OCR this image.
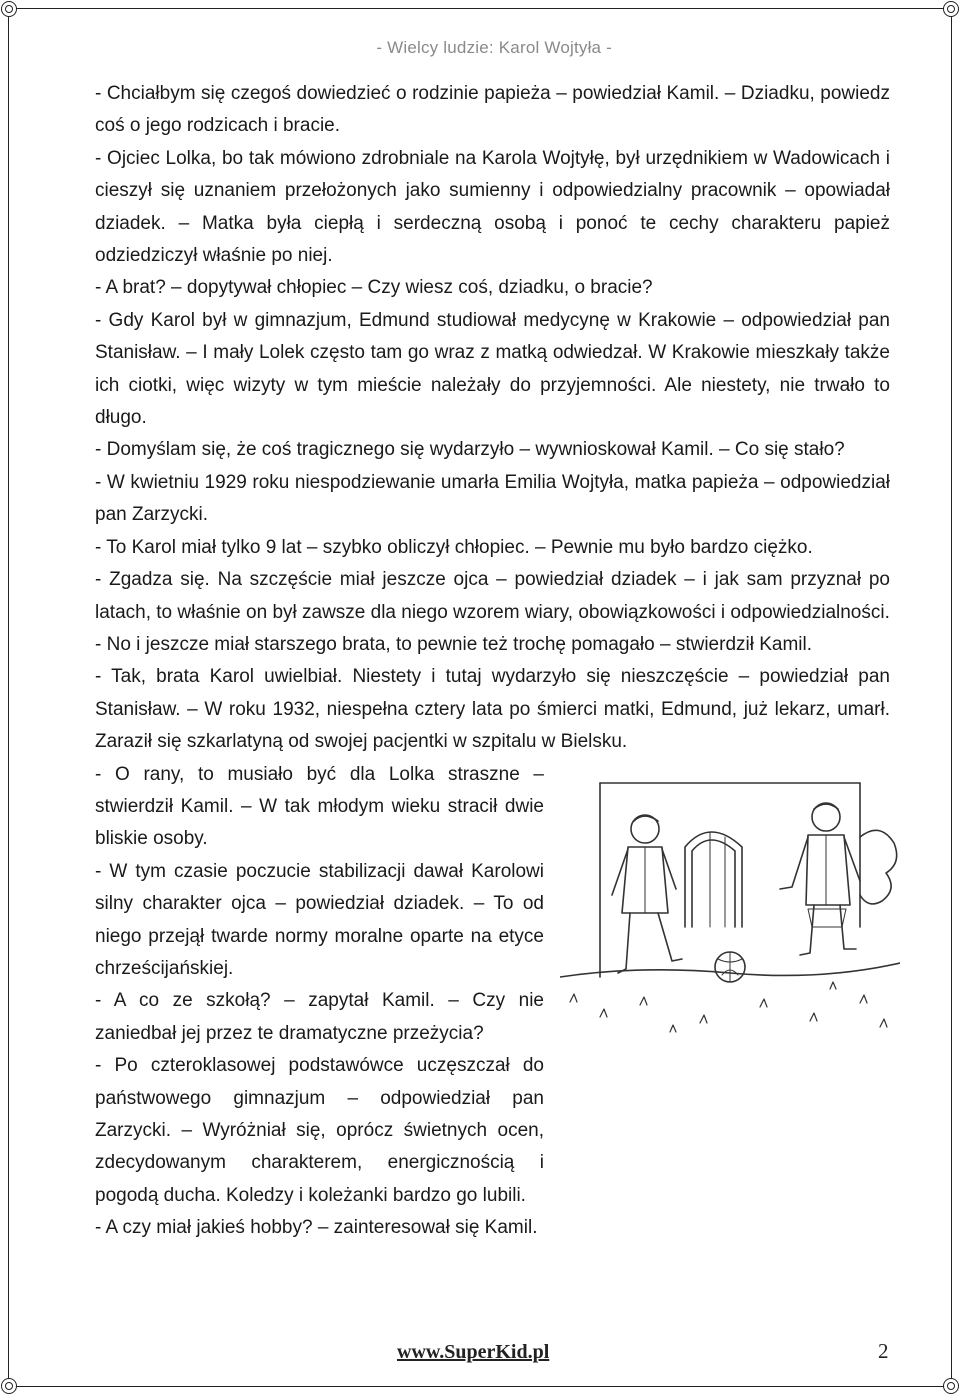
- Wielcy ludzie: Karol Wojtyła -

- Chciałbym się czegoś dowiedzieć o rodzinie papieża – powiedział Kamil. – Dziadku, powiedz coś o jego rodzicach i bracie.

- Ojciec Lolka, bo tak mówiono zdrobniale na Karola Wojtyłę, był urzędnikiem w Wadowicach i cieszył się uznaniem przełożonych jako sumienny i odpowiedzialny pracownik – opowiadał dziadek. – Matka była ciepłą i serdeczną osobą i ponoć te cechy charakteru papież odziedziczył właśnie po niej.

- A brat? – dopytywał chłopiec – Czy wiesz coś, dziadku, o bracie?

- Gdy Karol był w gimnazjum, Edmund studiował medycynę w Krakowie – odpowiedział pan Stanisław. – I mały Lolek często tam go wraz z matką odwiedzał. W Krakowie mieszkały także ich ciotki, więc wizyty w tym mieście należały do przyjemności. Ale niestety, nie trwało to długo.

- Domyślam się, że coś tragicznego się wydarzyło – wywnioskował Kamil. – Co się stało?

- W kwietniu 1929 roku niespodziewanie umarła Emilia Wojtyła, matka papieża – odpowiedział pan Zarzycki.

- To Karol miał tylko 9 lat – szybko obliczył chłopiec. – Pewnie mu było bardzo ciężko.

- Zgadza się. Na szczęście miał jeszcze ojca – powiedział dziadek – i jak sam przyznał po latach, to właśnie on był zawsze dla niego wzorem wiary, obowiązkowości i odpowiedzialności.

- No i jeszcze miał starszego brata, to pewnie też trochę pomagało – stwierdził Kamil.

- Tak, brata Karol uwielbiał. Niestety i tutaj wydarzyło się nieszczęście – powiedział pan Stanisław. – W roku 1932, niespełna cztery lata po śmierci matki, Edmund, już lekarz, umarł. Zaraził się szkarlatyną od swojej pacjentki w szpitalu w Bielsku.

- O rany, to musiało być dla Lolka straszne – stwierdził Kamil. – W tak młodym wieku stracił dwie bliskie osoby.

- W tym czasie poczucie stabilizacji dawał Karolowi silny charakter ojca – powiedział dziadek. – To od niego przejął twarde normy moralne oparte na etyce chrześcijańskiej.

- A co ze szkołą? – zapytał Kamil. – Czy nie zaniedbał jej przez te dramatyczne przeżycia?

- Po czteroklasowej podstawówce uczęszczał do państwowego gimnazjum – odpowiedział pan Zarzycki. – Wyróżniał się, oprócz świetnych ocen, zdecydowanym charakterem, energicznością i pogodą ducha. Koledzy i koleżanki bardzo go lubili.

- A czy miał jakieś hobby? – zainteresował się Kamil.

www.SuperKid.pl	2
